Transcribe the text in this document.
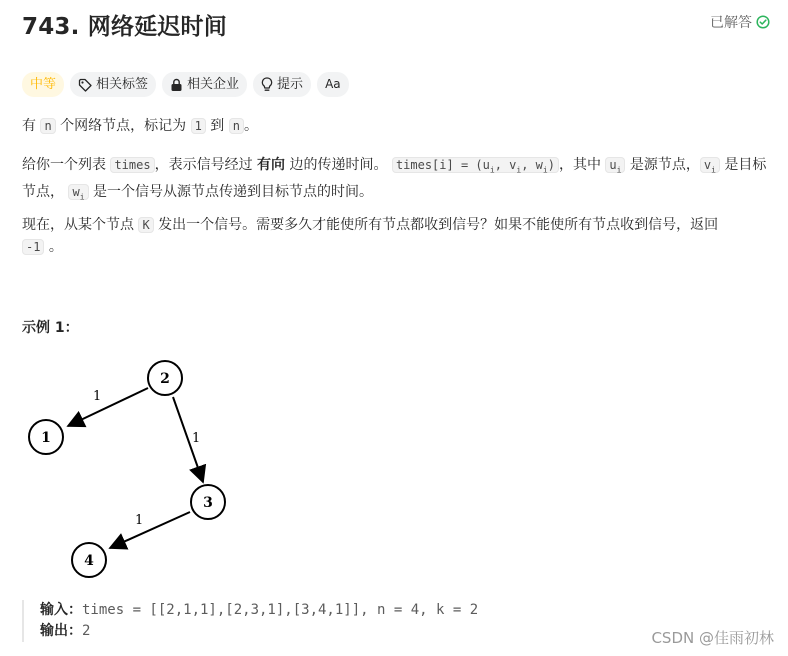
743. 网络延迟时间	已解答
中等	相关标签	相关企业	提示 Aa
有 n 个网络节点，标记为 1 到 n 。
给你一个列表 times ，表示信号经过 有向 边的传递时间。 times[i] = ($u_i$, $v_i$, $w_i$) ，其中 $u_i$ 是源节点， $v_i$ 是目标节点， $w_i$ 是一个信号从源节点传递到目标节点的时间。
现在，从某个节点 K 发出一个信号。需要多久才能使所有节点都收到信号？如果不能使所有节点收到信号，返回 -1 。
示例 1：
1
1
1
2
1
3
4
输入：times = [[2,1,1],[2,3,1],[3,4,1]], n = 4, k = 2
输出：2	CSDN @佳雨初林
